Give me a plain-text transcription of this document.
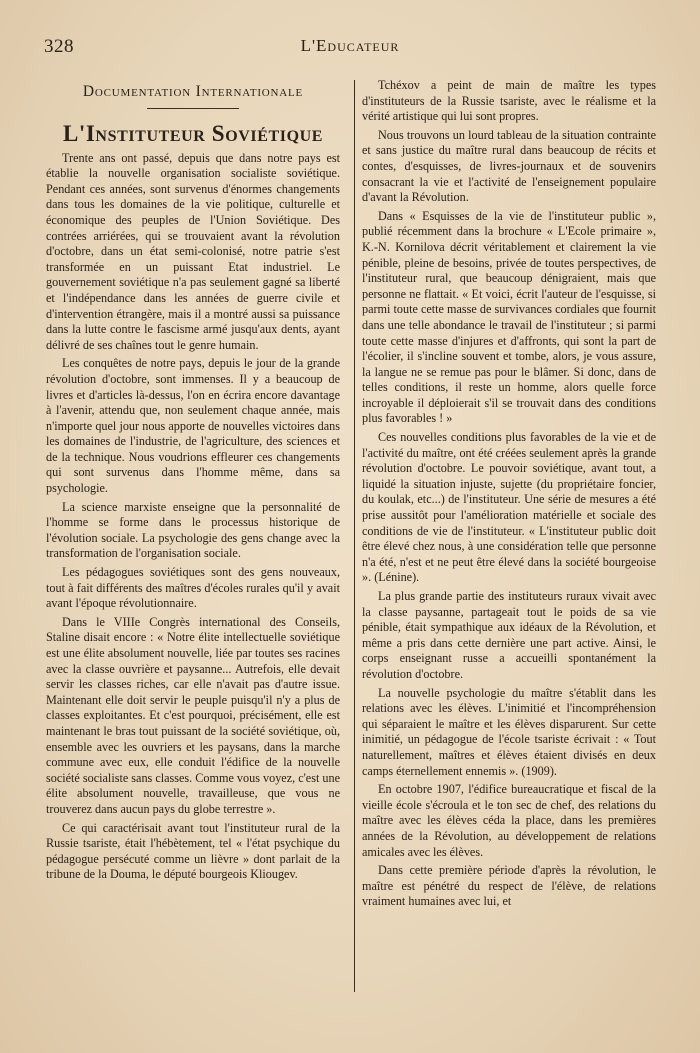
328	L'Educateur
Documentation Internationale
L'Instituteur Soviétique

Trente ans ont passé, depuis que dans notre pays est établie la nouvelle organisation socialiste soviétique. Pendant ces années, sont survenus d'énormes changements dans tous les domaines de la vie politique, culturelle et économique des peuples de l'Union Soviétique. Des contrées arriérées, qui se trouvaient avant la révolution d'octobre, dans un état semi-colonisé, notre patrie s'est transformée en un puissant Etat industriel. Le gouvernement soviétique n'a pas seulement gagné sa liberté et l'indépendance dans les années de guerre civile et d'intervention étrangère, mais il a montré aussi sa puissance dans la lutte contre le fascisme armé jusqu'aux dents, ayant délivré de ses chaînes tout le genre humain.

Les conquêtes de notre pays, depuis le jour de la grande révolution d'octobre, sont immenses. Il y a beaucoup de livres et d'articles là-dessus, l'on en écrira encore davantage à l'avenir, attendu que, non seulement chaque année, mais n'importe quel jour nous apporte de nouvelles victoires dans les domaines de l'industrie, de l'agriculture, des sciences et de la technique. Nous voudrions effleurer ces changements qui sont survenus dans l'homme même, dans sa psychologie.

La science marxiste enseigne que la personnalité de l'homme se forme dans le processus historique de l'évolution sociale. La psychologie des gens change avec la transformation de l'organisation sociale.

Les pédagogues soviétiques sont des gens nouveaux, tout à fait différents des maîtres d'écoles rurales qu'il y avait avant l'époque révolutionnaire.

Dans le VIIIe Congrès international des Conseils, Staline disait encore : « Notre élite intellectuelle soviétique est une élite absolument nouvelle, liée par toutes ses racines avec la classe ouvrière et paysanne... Autrefois, elle devait servir les classes riches, car elle n'avait pas d'autre issue. Maintenant elle doit servir le peuple puisqu'il n'y a plus de classes exploitantes. Et c'est pourquoi, précisément, elle est maintenant le bras tout puissant de la société soviétique, où, ensemble avec les ouvriers et les paysans, dans la marche commune avec eux, elle conduit l'édifice de la nouvelle société socialiste sans classes. Comme vous voyez, c'est une élite absolument nouvelle, travailleuse, que vous ne trouverez dans aucun pays du globe terrestre ».

Ce qui caractérisait avant tout l'instituteur rural de la Russie tsariste, était l'hébètement, tel « l'état psychique du pédagogue persécuté comme un lièvre » dont parlait de la tribune de la Douma, le député bourgeois Kliougev.

Tchéxov a peint de main de maître les types d'instituteurs de la Russie tsariste, avec le réalisme et la vérité artistique qui lui sont propres.

Nous trouvons un lourd tableau de la situation contrainte et sans justice du maître rural dans beaucoup de récits et contes, d'esquisses, de livres-journaux et de souvenirs consacrant la vie et l'activité de l'enseignement populaire d'avant la Révolution.

Dans « Esquisses de la vie de l'instituteur public », publié récemment dans la brochure « L'Ecole primaire », K.-N. Kornilova décrit véritablement et clairement la vie pénible, pleine de besoins, privée de toutes perspectives, de l'instituteur rural, que beaucoup dénigraient, mais que personne ne flattait. « Et voici, écrit l'auteur de l'esquisse, si parmi toute cette masse de survivances cordiales que fournit dans une telle abondance le travail de l'instituteur ; si parmi toute cette masse d'injures et d'affronts, qui sont la part de l'écolier, il s'incline souvent et tombe, alors, je vous assure, la langue ne se remue pas pour le blâmer. Si donc, dans de telles conditions, il reste un homme, alors quelle force incroyable il déploierait s'il se trouvait dans des conditions plus favorables ! »

Ces nouvelles conditions plus favorables de la vie et de l'activité du maître, ont été créées seulement après la grande révolution d'octobre. Le pouvoir soviétique, avant tout, a liquidé la situation injuste, sujette (du propriétaire foncier, du koulak, etc...) de l'instituteur. Une série de mesures a été prise aussitôt pour l'amélioration matérielle et sociale des conditions de vie de l'instituteur. « L'instituteur public doit être élevé chez nous, à une considération telle que personne n'a été, n'est et ne peut être élevé dans la société bourgeoise ». (Lénine).

La plus grande partie des instituteurs ruraux vivait avec la classe paysanne, partageait tout le poids de sa vie pénible, était sympathique aux idéaux de la Révolution, et même a pris dans cette dernière une part active. Ainsi, le corps enseignant russe a accueilli spontanément la révolution d'octobre.

La nouvelle psychologie du maître s'établit dans les relations avec les élèves. L'inimitié et l'incompréhension qui séparaient le maître et les élèves disparurent. Sur cette inimitié, un pédagogue de l'école tsariste écrivait : « Tout naturellement, maîtres et élèves étaient divisés en deux camps éternellement ennemis ». (1909).

En octobre 1907, l'édifice bureaucratique et fiscal de la vieille école s'écroula et le ton sec de chef, des relations du maître avec les élèves céda la place, dans les premières années de la Révolution, au développement de relations amicales avec les élèves.

Dans cette première période d'après la révolution, le maître est pénétré du respect de l'élève, de relations vraiment humaines avec lui, et
